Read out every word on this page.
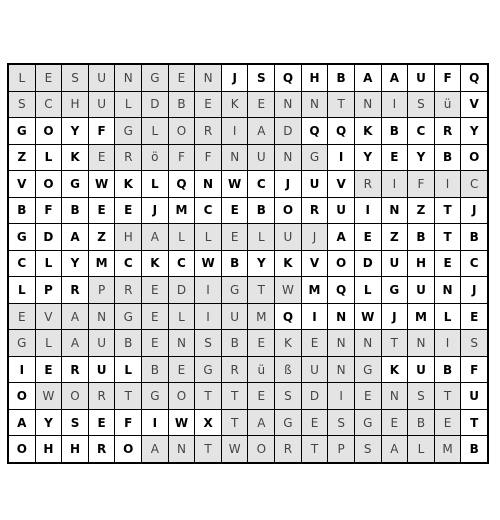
L	E	S	U	N	G	E	N	J	S	Q	H	B	A	A	U	F	Q
S	C	H	U	L	D	B	E	K	E	N	N	T	N	I	S	ü	V
G	O	Y	F	G	L	O	R	I	A	D	Q	Q	K	B	C	R	Y
Z	L	K	E	R	ö	F	F	N	U	N	G	I	Y	E	Y	B	O
V	O	G	W	K	L	Q	N	W	C	J	U	V	R	I	F	I	C
B	F	B	E	E	J	M	C	E	B	O	R	U	I	N	Z	T	J
G	D	A	Z	H	A	L	L	E	L	U	J	A	E	Z	B	T	B
C	L	Y	M	C	K	C	W	B	Y	K	V	O	D	U	H	E	C
L	P	R	P	R	E	D	I	G	T	W	M	Q	L	G	U	N	J
E	V	A	N	G	E	L	I	U	M	Q	I	N	W	J	M	L	E
G	L	A	U	B	E	N	S	B	E	K	E	N	N	T	N	I	S
I	E	R	U	L	B	E	G	R	ü	ß	U	N	G	K	U	B	F
O	W	O	R	T	G	O	T	T	E	S	D	I	E	N	S	T	U
A	Y	S	E	F	I	W	X	T	A	G	E	S	G	E	B	E	T
O	H	H	R	O	A	N	T	W	O	R	T	P	S	A	L	M	B
